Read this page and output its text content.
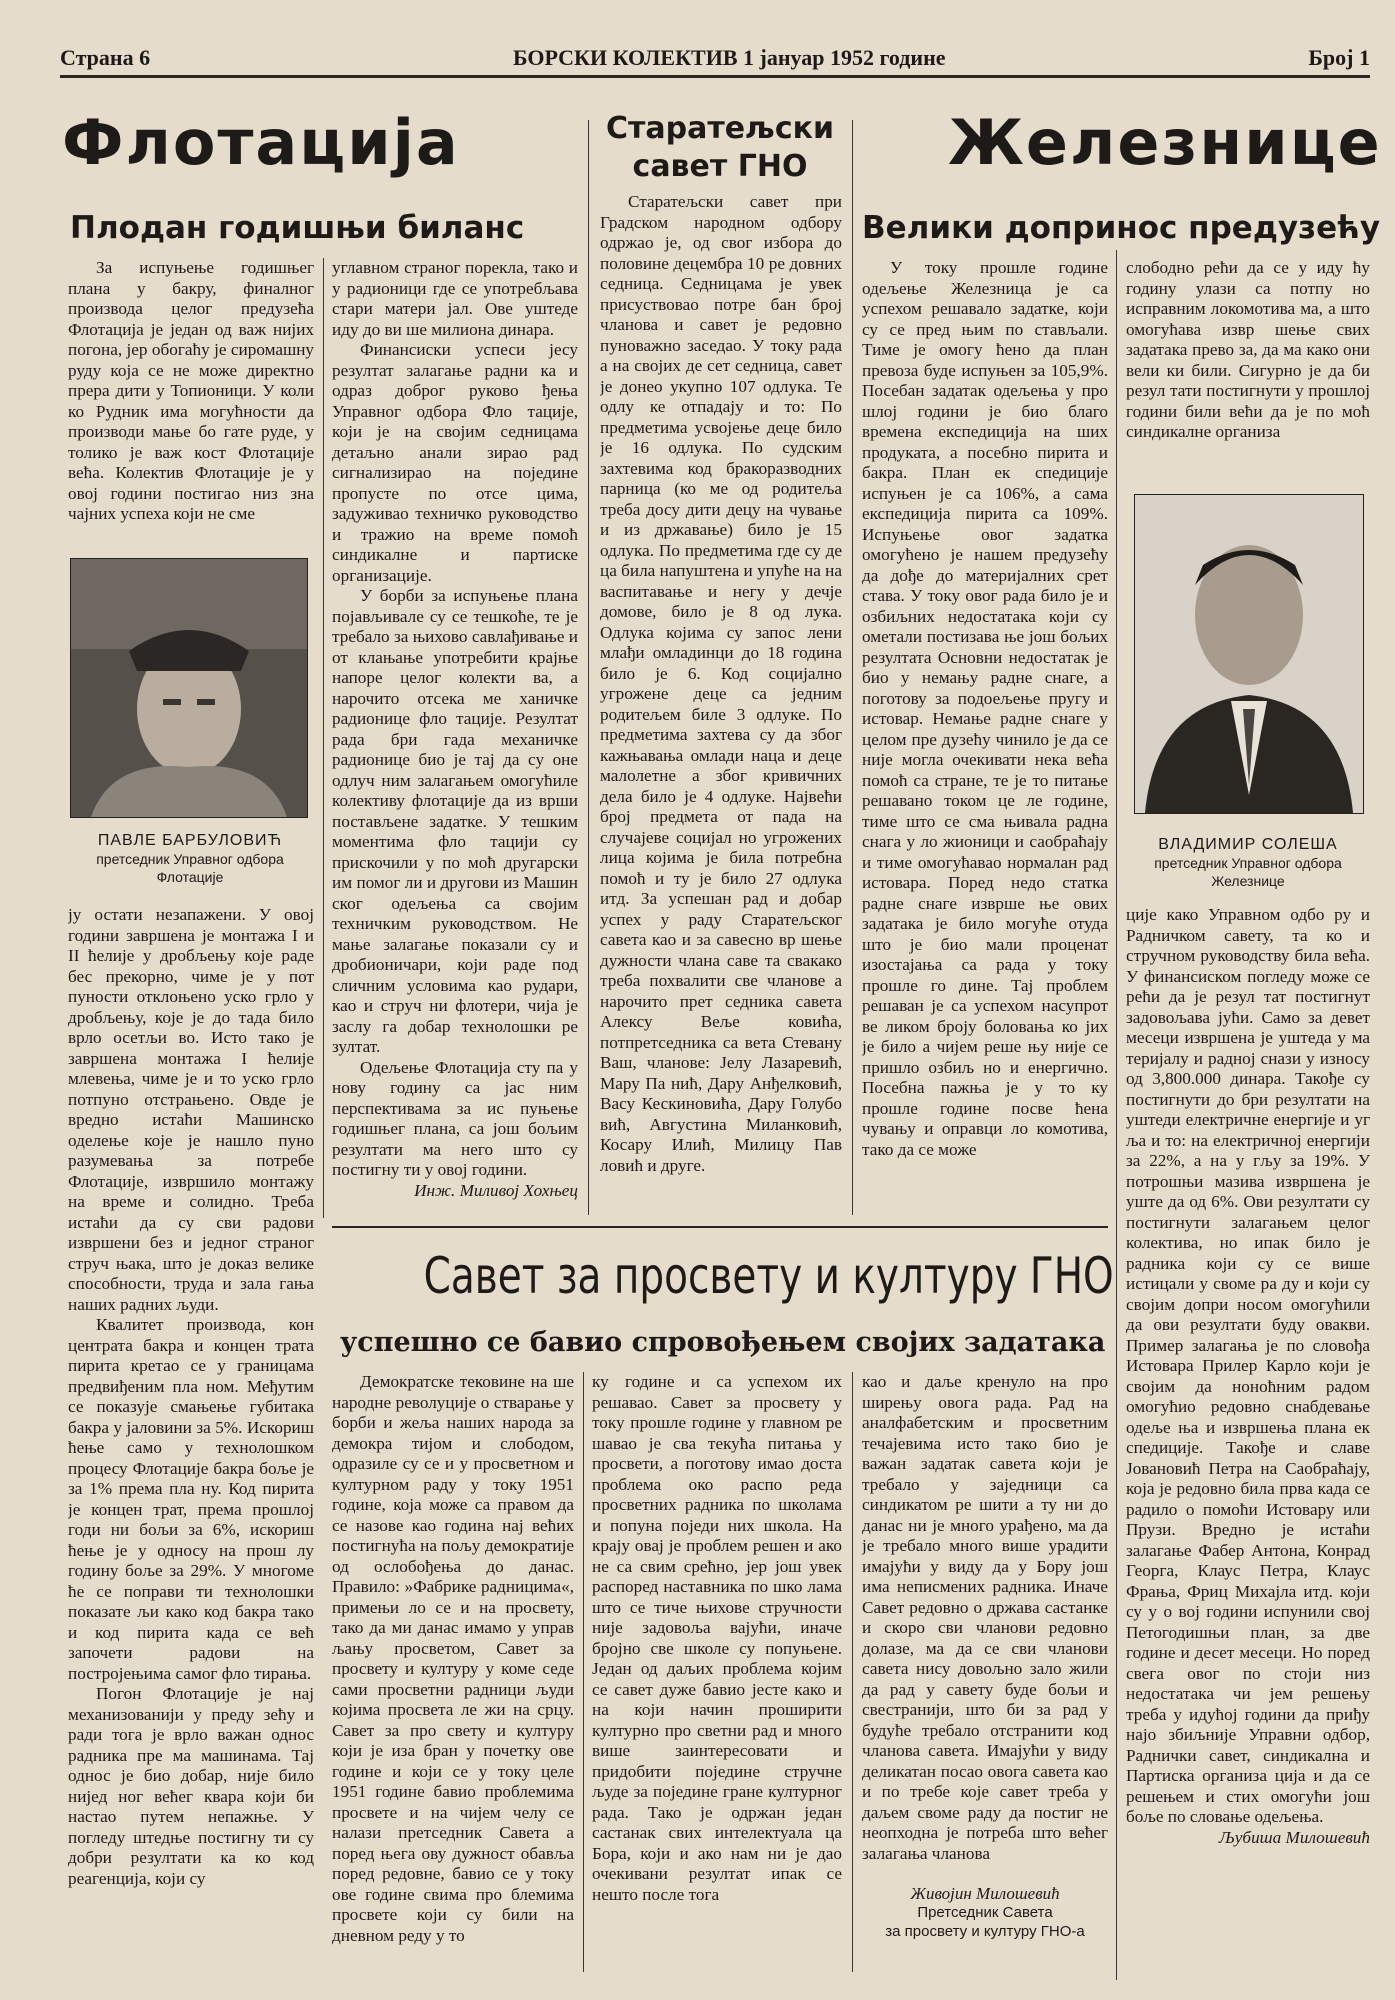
Страна 6	БОРСКИ КОЛЕКТИВ 1 јануар 1952 године	Број 1
Флотација
Плодан годишњи биланс

За испуњење годишњег плана у бакру, финалног производа целог предузећа Флотација је један од важ нијих погона, јер обогаћу је сиромашну руду која се не може директно прера дити у Топионици. У коли ко Рудник има могућности да производи мање бо гате руде, у толико је важ кост Флотације већа. Колектив Флотације је у овој години постигао низ зна чајних успеха који не сме

ПАВЛЕ БАРБУЛОВИЋ
претседник Управног одбора Флотације

ју остати незапажени. У овој години завршена је монтажа I и II ћелије у дробљењу које раде бес прекорно, чиме је у пот пуности отклоњено уско грло у дробљењу, које је до тада било врло осетљи во. Исто тако је завршена монтажа I ћелије млевења, чиме је и то уско грло потпуно отстрањено. Овде је вредно истаћи Машинско оделење које је нашло пуно разумевања за потребе Флотације, извршило монтажу на време и солидно. Треба истаћи да су сви радови извршени без и једног страног струч њака, што је доказ велике способности, труда и зала гања наших радних људи.

Квалитет производа, кон центрата бакра и концен трата пирита кретао се у границама предвиђеним пла ном. Међутим се показује смањење губитака бакра у јаловини за 5%. Искориш ћење само у технолошком процесу Флотације бакра боље је за 1% према пла ну. Код пирита је концен трат, према прошлој годи ни бољи за 6%, искориш ћење је у односу на прош лу годину боље за 29%. У многоме ће се поправи ти технолошки показате љи како код бакра тако и код пирита када се већ започети радови на постројењима самог фло тирања.

Погон Флотације је нај механизованији у преду зећу и ради тога је врло важан однос радника пре ма машинама. Тај однос је био добар, није било нијед ног већег квара који би настао путем непажње. У погледу штедње постигну ти су добри резултати ка ко код реагенција, који су

углавном страног порекла, тако и у радионици где се употребљава стари матери јал. Ове уштеде иду до ви ше милиона динара.

Финансиски успеси јесу резултат залагање радни ка и одраз доброг руково ђења Управног одбора Фло тације, који је на својим седницама детаљно анали зирао рад сигнализирао на поједине пропусте по отсе цима, задуживао техничко руководство и тражио на време помоћ синдикалне и партиске организације.

У борби за испуњење плана појављивале су се тешкоће, те је требало за њихово савлађивање и от клањање употребити крајње напоре целог колекти ва, а нарочито отсека ме ханичке радионице фло тације. Резултат рада бри гада механичке радионице био је тај да су оне одлуч ним залагањем омогућиле колективу флотације да из врши постављене задатке. У тешким моментима фло тацији су прискочили у по моћ другарски им помог ли и другови из Машин ског одељења са својим техничким руководством. Не мање залагање показали су и дробионичари, који раде под сличним условима као рудари, као и струч ни флотери, чија је заслу га добар технолошки ре зултат.

Одељење Флотација сту па у нову годину са јас ним перспективама за ис пуњење годишњег плана, са још бољим резултати ма него што су постигну ти у овој години.

Инж. Миливој Хохњец

Старатељски савет ГНО

Старатељски савет при Градском народном одбору одржао је, од свог избора до половине децембра 10 ре довних седница. Седницама је увек присуствовао потре бан број чланова и савет је редовно пуноважно заседао. У току рада а на својих де сет седница, савет је донео укупно 107 одлука. Те одлу ке отпадају и то: По предметима усвојење деце било је 16 одлука. По судским захтевима код бракоразводних парница (ко ме од родитеља треба досу дити децу на чување и из државање) било је 15 одлука. По предметима где су де ца била напуштена и упуће на на васпитавање и негу у дечје домове, било је 8 од лука. Одлука којима су запос лени млађи омладинци до 18 година било је 6. Код социјално угрожене деце са једним родитељем биле 3 одлуке. По предметима захтева су да због кажњавања омлади наца и деце малолетне а због кривичних дела било је 4 одлуке. Највећи број предмета от пада на случајеве социјал но угрожених лица којима је била потребна помоћ и ту је било 27 одлука итд. За успешан рад и добар успех у раду Старатељског савета као и за савесно вр шење дужности члана саве та свакако треба похвалити све чланове а нарочито прет седника савета Алексу Веље ковића, потпретседника са вета Стевану Ваш, чланове: Јелу Лазаревић, Мару Па нић, Дару Анђелковић, Васу Кескиновића, Дару Голубо вић, Августина Миланковић, Косару Илић, Милицу Пав ловић и друге.

Железнице
Велики допринос предузећу

У току прошле године одељење Железница је са успехом решавало задатке, који су се пред њим по стављали. Тиме је омогу ћено да план превоза буде испуњен за 105,9%. Посебан задатак одељења у про шлој години је био благо времена експедиција на ших продуката, а посебно пирита и бакра. План ек спедиције испуњен је са 106%, а сама експедиција пирита са 109%. Испуњење овог задатка омогућено је нашем предузећу да дође до материјалних срет става. У току овог рада било је и озбиљних недостатака који су ометали постизава ње још бољих резултата Основни недостатак је био у немању радне снаге, а поготову за подоељење пругу и истовар. Немање радне снаге у целом пре дузећу чинило је да се није могла очекивати нека већа помоћ са стране, те је то питање решавано током це ле године, тиме што се сма њивала радна снага у ло жионици и саобраћају и тиме омогућавао нормалан рад истовара. Поред недо статка радне снаге изврше ње ових задатака је било могуће отуда што је био мали проценат изостајања са рада у току прошле го дине. Тај проблем решаван је са успехом насупрот ве ликом броју боловања ко јих је било а чијем реше њу није се пришло озбиљ но и енергично. Посебна пажња је у то ку прошле године посве ћена чувању и оправци ло комотива, тако да се може

слободно рећи да се у иду ћу годину улази са потпу но исправним локомотива ма, а што омогућава извр шење свих задатака прево за, да ма како они вели ки били. Сигурно је да би резул тати постигнути у прошлој години били већи да је по моћ синдикалне организа

ВЛАДИМИР СОЛЕША
претседник Управног одбора Железнице

ције како Управном одбо ру и Радничком савету, та ко и стручном руководству била већа. У финансиском погледу може се рећи да је резул тат постигнут задовољава јући. Само за девет месеци извршена је уштеда у ма теријалу и радној снази у износу од 3,800.000 динара. Такође су постигнути до бри резултати на уштеди електричне енергије и уг ља и то: на електричној енергији за 22%, а на у гљу за 19%. У потрошњи мазива извршена је уште да од 6%. Ови резултати су постигнути залагањем целог колектива, но ипак било је радника који су се више истицали у своме ра ду и који су својим допри носом омогућили да ови резултати буду овакви. Пример залагања је по словођа Истоварa Прилер Карло који је својим да нонoћним радом омогућио редовно снабдевање одеље ња и извршења плана ек спедиције. Такође и славе Јовановић Петра на Саобраћају, која је редовно била прва када се радило о помоћи Истовару или Прузи. Вредно је истаћи залагање Фабер Антона, Конрад Георга, Клаус Петра, Клаус Фрања, Фриц Михајла итд. који су у о вој години испунили свој Петогодишњи план, за две године и десет месеци. Но поред свега овог по стоји низ недостатака чи јем решењу треба у идућој години да приђу најо збиљније Управни одбор, Раднички савет, синдикална и Партиска организа ција и да се решењем и стих омогући још боље по словање одељења.

Љубиша Милошевић

Савет за просвету и културу ГНО
успешно се бавио спровођењем својих задатака

Демократске тековине на ше народне револуције о стварање у борби и жеља наших народа за демокра тијом и слободом, одразиле су се и у просветном и културном раду у току 1951 године, која може са правом да се назове као година нај већих постигнућа на пољу демократије од ослобођења до данас. Правило: »Фабрике радницима«, примењи ло се и на просвету, тако да ми данас имамо у управ љању просветом, Савет за просвету и културу у коме седе сами просветни радници људи којима просвета ле жи на срцу. Савет за про свету и културу који је иза бран у почетку ове године и који се у току целе 1951 године бавио проблемима просвете и на чијем челу се налази претседник Савета а поред њега ову дужност обавља поред редовне, бавио се у току ове године свима про блемима просвете који су били на дневном реду у то

ку године и са успехом их решавао. Савет за просвету у току прошле године у главном ре шавао је сва текућа питања у просвети, а поготову имао доста проблема око распо реда просветних радника по школама и попуна поједи них школа. На крају овај је проблем решен и ако не са свим срећно, јер још увек распоред наставника по шко лама што се тиче њихове стручности није задовоља вајући, иначе бројно све школе су попуњене. Један од даљих проблема којим се савет дуже бавио јесте како и на који начин проширити културно про светни рад и много више заинтересовати и придобити поједине стручне људе за поједине гране културног рада. Тако је одржан један састанак свих интелектуала ца Бора, који и ако нам ни је дао очекивани резултат ипак се нешто после тога

као и даље кренуло на про ширењу овога рада. Рад на аналфабетским и просветним течајевима исто тако био је важан задатак савета који је требало у заједници са синдикатом ре шити а ту ни до данас ни је много урађено, ма да је требало много више урадити имајући у виду да у Бору још има неписмених радника. Иначе Савет редовно о државa састанке и скоро сви чланови редовно долазе, ма да се сви чланови савета нису довољно зало жили да рад у савету буде бољи и свестранији, што би за рад у будуће требало отстранити код чланова савета. Имајући у виду деликатан посао овога савета као и по требе које савет треба у даљем своме раду да постиг не неопходна је потреба што већег залагања чланова

Живојин Милошевић
Претседник Савета
за просвету и културу ГНО-а
